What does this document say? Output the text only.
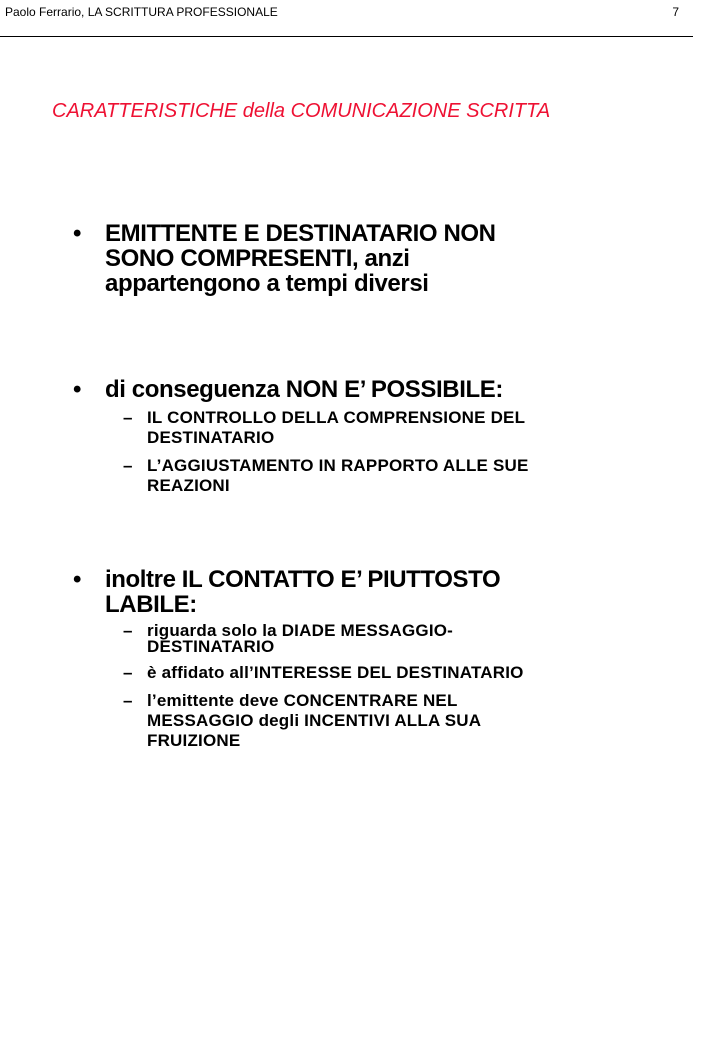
Paolo Ferrario, LA SCRITTURA PROFESSIONALE	7
CARATTERISTICHE della COMUNICAZIONE SCRITTA
• EMITTENTE E DESTINATARIO NON
SONO COMPRESENTI, anzi
appartengono a tempi diversi
• di conseguenza NON E’ POSSIBILE:
– IL CONTROLLO DELLA COMPRENSIONE DEL
DESTINATARIO
– L’AGGIUSTAMENTO IN RAPPORTO ALLE SUE
REAZIONI
• inoltre IL CONTATTO E’ PIUTTOSTO
LABILE:
– riguarda solo la DIADE MESSAGGIO-
DESTINATARIO
– è affidato all’INTERESSE DEL DESTINATARIO
– l’emittente deve CONCENTRARE NEL
MESSAGGIO degli INCENTIVI ALLA SUA
FRUIZIONE
